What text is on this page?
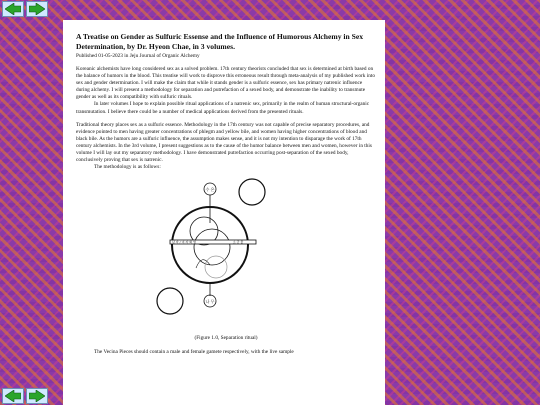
A Treatise on Gender as Sulfuric Essense and the Influence of Humorous Alchemy in Sex Determination, by Dr. Hyeon Chae, in 3 volumes.
Published 01-05-2023 in Jeju Journal of Organic Alchemy

Koreanic alchemists have long considered sex as a solved problem. 17th century theorists concluded that sex is determined at birth based on the balance of humors in the blood. This treatise will work to disprove this erroneous result through meta-analysis of my published work into sex and gender determination. I will make the claim that while it stands gender is a sulfuric essence, sex has primary natrenic influence during alchemy. I will present a methodology for separation and putrefaction of a sexed body, and demonstrate the inability to transmute gender as well as its compatibility with sulfuric rituals.

In later volumes I hope to explain possible ritual applications of a natrenic sex, primarily in the realm of human structural-organic transmutation. I believe there could be a number of medical applications derived from the presented rituals.

Traditional theory places sex as a sulfuric essence. Methodology in the 17th century was not capable of precise separatory procedures, and evidence pointed to men having greater concentrations of phlegm and yellow bile, and women having higher concentrations of blood and black bile. As the humors are a sulfuric influence, the assumption makes sense, and it is not my intention to disparage the work of 17th century alchemists. In the 3rd volume, I present suggestions as to the cause of the humor balance between men and women, however in this volume I will lay out my separatory methodology. I have demonstrated putrefaction occurring post-separation of the sexed body, conclusively proving that sex is natrenic.

The methodology is as follows:

수 은
남 자 / 여 자 화 합	소 금 물
나 무
(Figure 1.0, Separation ritual)
The Vecina Pieces should contain a male and female gamete respectively, with the live sample
